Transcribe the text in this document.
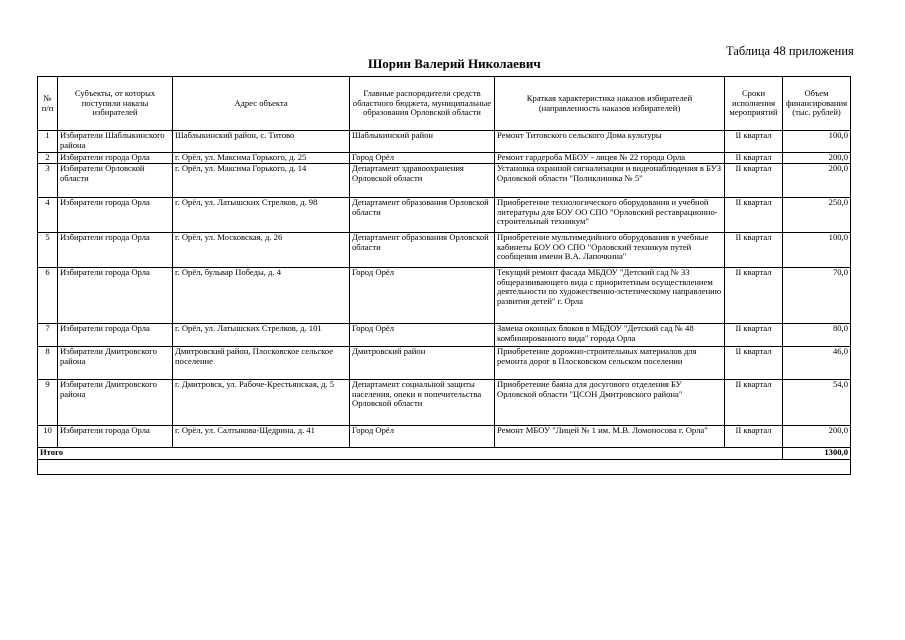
Таблица 48 приложения
Шорин Валерий Николаевич
№ п/п	Субъекты, от которых поступили наказы избирателей	Адрес объекта	Главные распорядители средств областного бюджета, муниципальные образования Орловской области	Краткая характеристика наказов избирателей (направленность наказов избирателей)	Сроки исполнения мероприятий	Объем финансирования (тыс. рублей)
1	Избиратели Шаблыкинского района	Шаблыкинский район, с. Титово	Шаблыкинский район	Ремонт Титовского сельского Дома культуры	II квартал	100,0
2	Избиратели города Орла	г. Орёл, ул. Максима Горького, д. 25	Город Орёл	Ремонт гардероба МБОУ - лицея № 22 города Орла	II квартал	200,0
3	Избиратели Орловской области	г. Орёл, ул. Максима Горького, д. 14	Департамент здравоохранения Орловской области	Установка охранной сигнализации и видеонаблюдения в БУЗ Орловской области "Поликлиника № 5"	II квартал	200,0
4	Избиратели города Орла	г. Орёл, ул. Латышских Стрелков, д. 98	Департамент образования Орловской области	Приобретение технологического оборудования и учебной литературы для БОУ ОО СПО "Орловский реставрационно-строительный техникум"	II квартал	250,0
5	Избиратели города Орла	г. Орёл, ул. Московская, д. 26	Департамент образования Орловской области	Приобретение мультимедийного оборудования в учебные кабинеты БОУ ОО СПО "Орловский техникум путей сообщения имени В.А. Лапочкина"	II квартал	100,0
6	Избиратели города Орла	г. Орёл, бульвар Победы, д. 4	Город Орёл	Текущий ремонт фасада МБДОУ "Детский сад № 33 общеразвивающего вида с приоритетным осуществлением деятельности по художественно-эстетическому направлению развития детей" г. Орла	II квартал	70,0
7	Избиратели города Орла	г. Орёл, ул. Латышских Стрелков, д. 101	Город Орёл	Замена оконных блоков в МБДОУ "Детский сад № 48 комбинированного вида" города Орла	II квартал	80,0
8	Избиратели Дмитровского района	Дмитровский район, Плосковское сельское поселение	Дмитровский район	Приобретение дорожно-строительных материалов для ремонта дорог в Плосковском сельском поселении	II квартал	46,0
9	Избиратели Дмитровского района	г. Дмитровск, ул. Рабоче-Крестьянская, д. 5	Департамент социальной защиты населения, опеки и попечительства Орловской области	Приобретение баяна для досугового отделения БУ Орловской области "ЦСОН Дмитровского района"	II квартал	54,0
10	Избиратели города Орла	г. Орёл, ул. Салтыкова-Щедрина, д. 41	Город Орёл	Ремонт МБОУ "Лицей № 1 им. М.В. Ломоносова г. Орла"	II квартал	200,0
Итого						1300,0
